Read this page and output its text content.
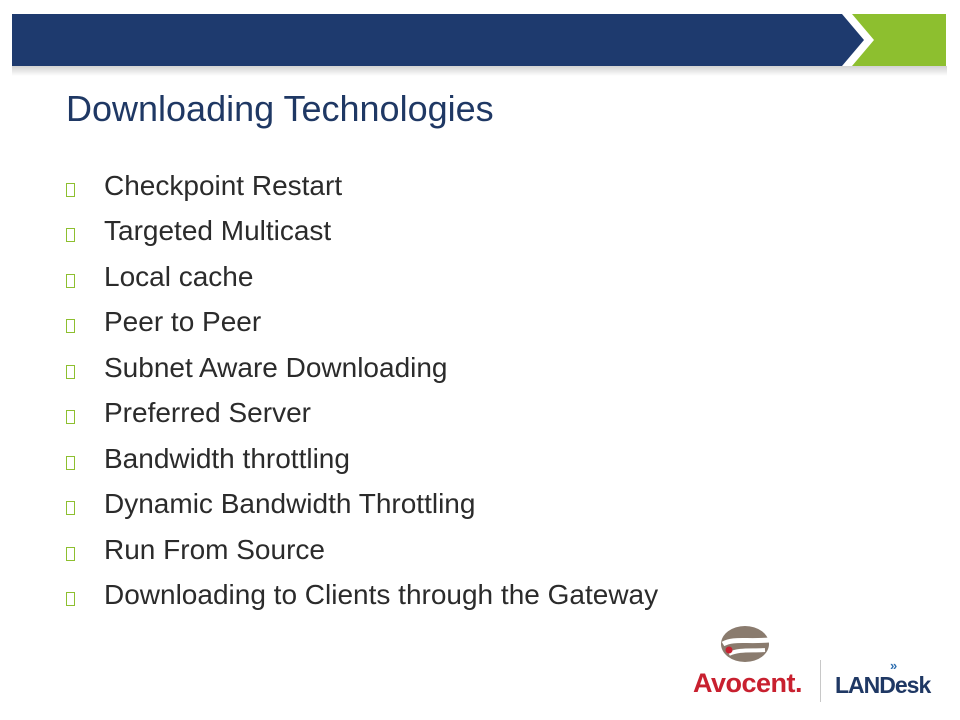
Downloading Technologies
Checkpoint Restart
Targeted Multicast
Local cache
Peer to Peer
Subnet Aware Downloading
Preferred Server
Bandwidth throttling
Dynamic Bandwidth Throttling
Run From Source
Downloading to Clients through the Gateway
Avocent.
»
LANDesk
